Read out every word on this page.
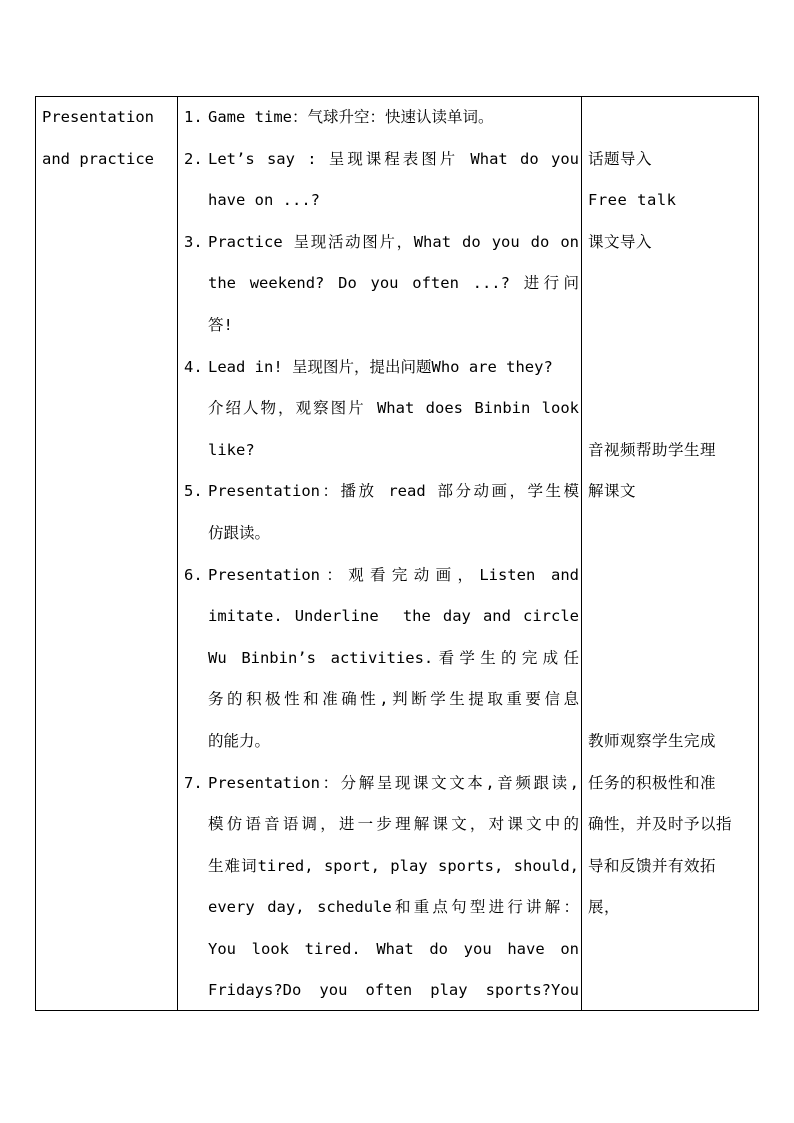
Presentation
and practice
1. Game time：气球升空：快速认读单词。
2. Let’s say : 呈现课程表图片 What do you
have on ...?
3. Practice 呈现活动图片，What do you do on
the weekend? Do you often ...? 进行问
答!
4. Lead in! 呈现图片，提出问题Who are they?
介绍人物，观察图片 What does Binbin look
like?
5. Presentation：播放 read 部分动画，学生模
仿跟读。
6. Presentation：观看完动画，Listen and
imitate. Underline  the day and circle
Wu Binbin’s activities.看学生的完成任
务的积极性和准确性,判断学生提取重要信息
的能力。
7. Presentation：分解呈现课文文本,音频跟读,
模仿语音语调，进一步理解课文，对课文中的
生难词tired, sport, play sports, should,
every day, schedule和重点句型进行讲解：
You look tired. What do you have on
Fridays?Do you often play sports?You
话题导入
Free talk
课文导入
音视频帮助学生理
解课文
教师观察学生完成
任务的积极性和准
确性，并及时予以指
导和反馈并有效拓
展，
